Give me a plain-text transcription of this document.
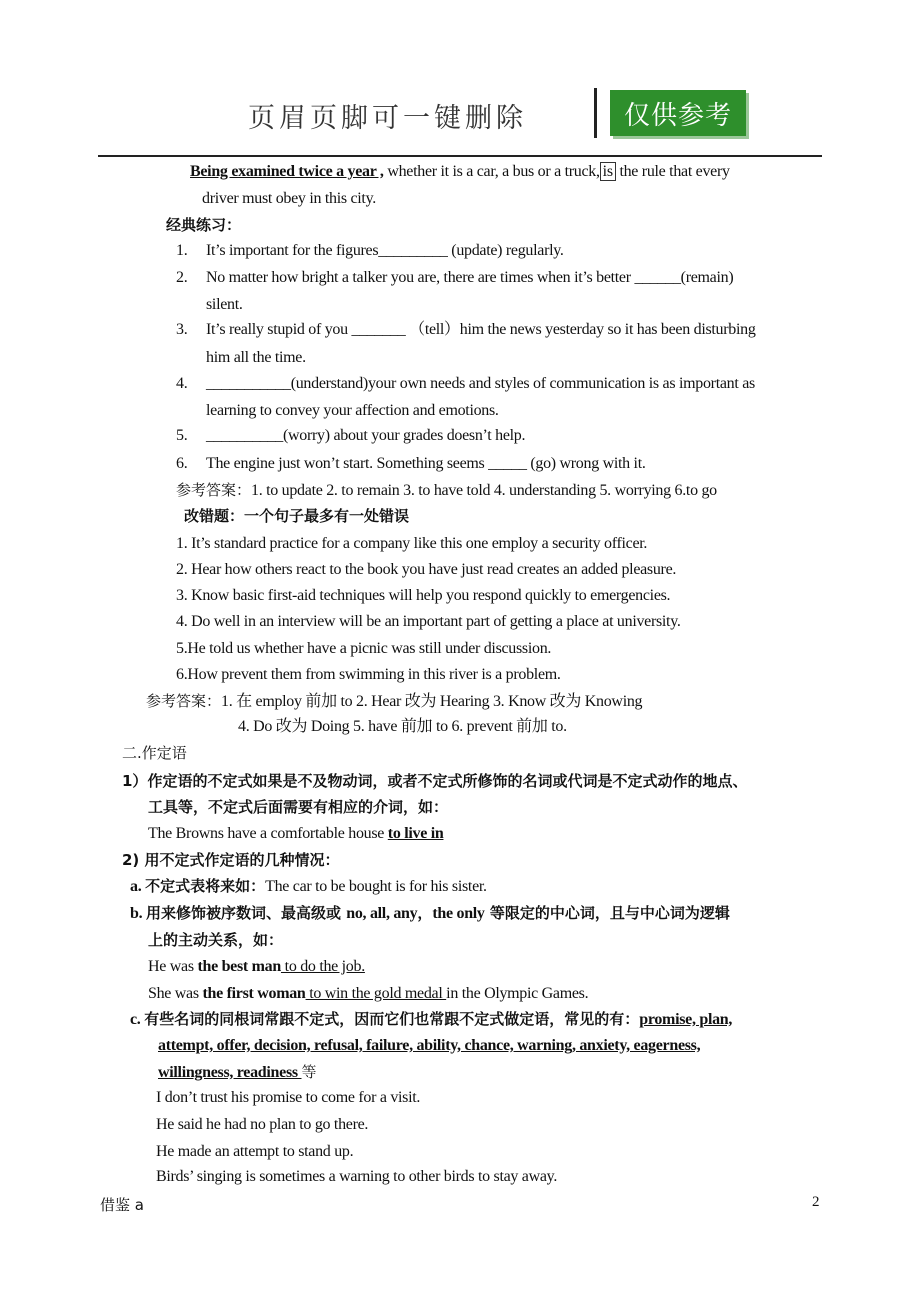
页眉页脚可一键删除	仅供参考
Being examined twice a year , whether it is a car, a bus or a truck, is the rule that every
driver must obey in this city.
经典练习：
1. It’s important for the figures_________ (update) regularly.
2. No matter how bright a talker you are, there are times when it’s better ______(remain)
silent.
3. It’s really stupid of you _______ （tell）him the news yesterday so it has been disturbing
him all the time.
4. ___________(understand)your own needs and styles of communication is as important as
learning to convey your affection and emotions.
5. __________(worry) about your grades doesn’t help.
6. The engine just won’t start. Something seems _____ (go) wrong with it.
参考答案：1. to update 2. to remain 3. to have told 4. understanding 5. worrying 6.to go
改错题：一个句子最多有一处错误
1. It’s standard practice for a company like this one employ a security officer.
2. Hear how others react to the book you have just read creates an added pleasure.
3. Know basic first-aid techniques will help you respond quickly to emergencies.
4. Do well in an interview will be an important part of getting a place at university.
5.He told us whether have a picnic was still under discussion.
6.How prevent them from swimming in this river is a problem.
参考答案：1. 在 employ 前加 to 2. Hear 改为 Hearing 3. Know 改为 Knowing
4. Do 改为 Doing 5. have 前加 to 6. prevent 前加 to.
二.作定语
1）作定语的不定式如果是不及物动词，或者不定式所修饰的名词或代词是不定式动作的地点、
工具等，不定式后面需要有相应的介词，如：
The Browns have a comfortable house to live in
2) 用不定式作定语的几种情况：
a. 不定式表将来如：The car to be bought is for his sister.
b. 用来修饰被序数词、最高级或 no, all, any，the only 等限定的中心词，且与中心词为逻辑
上的主动关系，如：
He was the best man to do the job.
She was the first woman to win the gold medal in the Olympic Games.
c. 有些名词的同根词常跟不定式，因而它们也常跟不定式做定语，常见的有：promise, plan,
attempt, offer, decision, refusal, failure, ability, chance, warning, anxiety, eagerness,
willingness, readiness 等
I don’t trust his promise to come for a visit.
He said he had no plan to go there.
He made an attempt to stand up.
Birds’ singing is sometimes a warning to other birds to stay away.
借鉴 a	2
